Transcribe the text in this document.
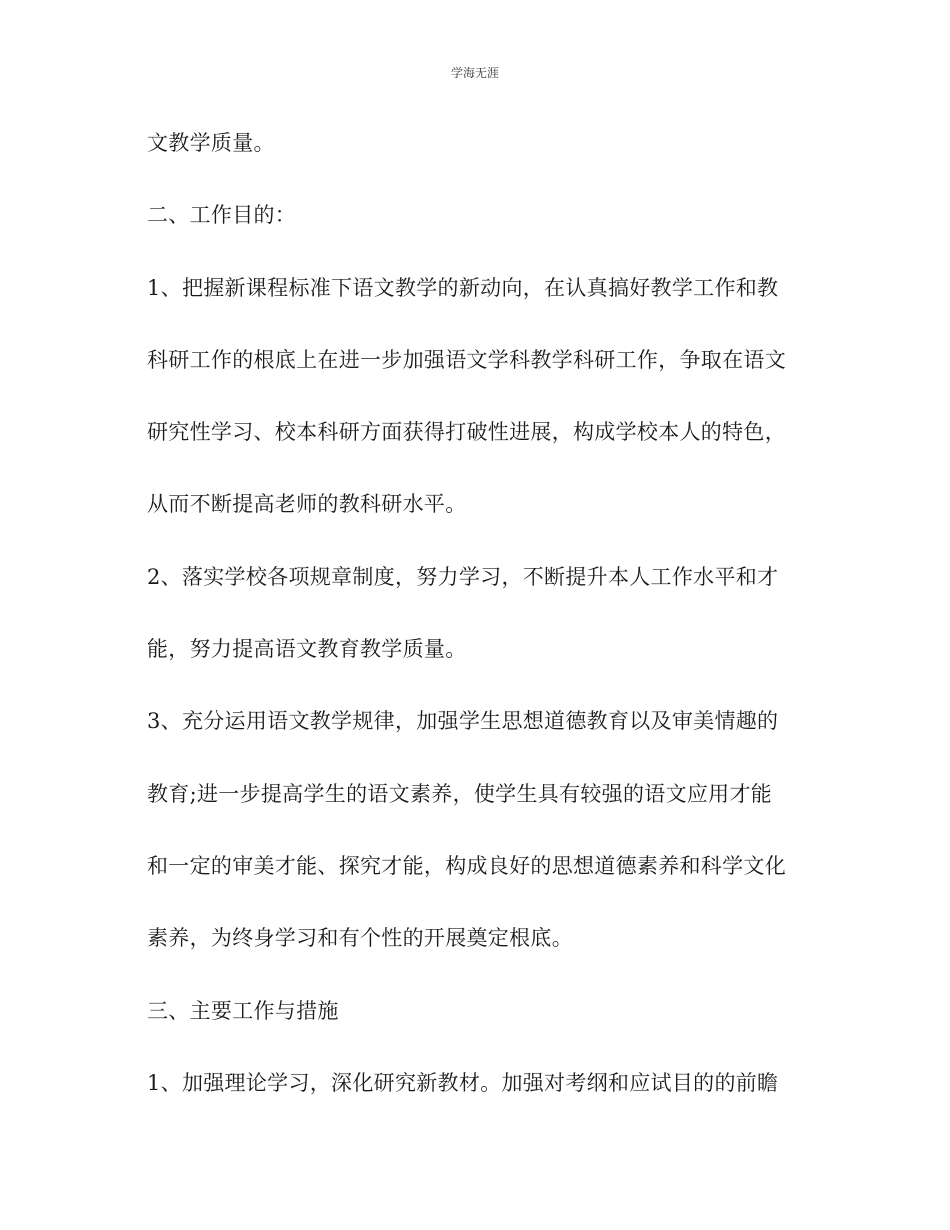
学海无涯
文教学质量。
二、工作目的：
1、把握新课程标准下语文教学的新动向，在认真搞好教学工作和教
科研工作的根底上在进一步加强语文学科教学科研工作，争取在语文
研究性学习、校本科研方面获得打破性进展，构成学校本人的特色，
从而不断提高老师的教科研水平。
2、落实学校各项规章制度，努力学习，不断提升本人工作水平和才
能，努力提高语文教育教学质量。
3、充分运用语文教学规律，加强学生思想道德教育以及审美情趣的
教育;进一步提高学生的语文素养，使学生具有较强的语文应用才能
和一定的审美才能、探究才能，构成良好的思想道德素养和科学文化
素养，为终身学习和有个性的开展奠定根底。
三、主要工作与措施
1、加强理论学习，深化研究新教材。加强对考纲和应试目的的前瞻
